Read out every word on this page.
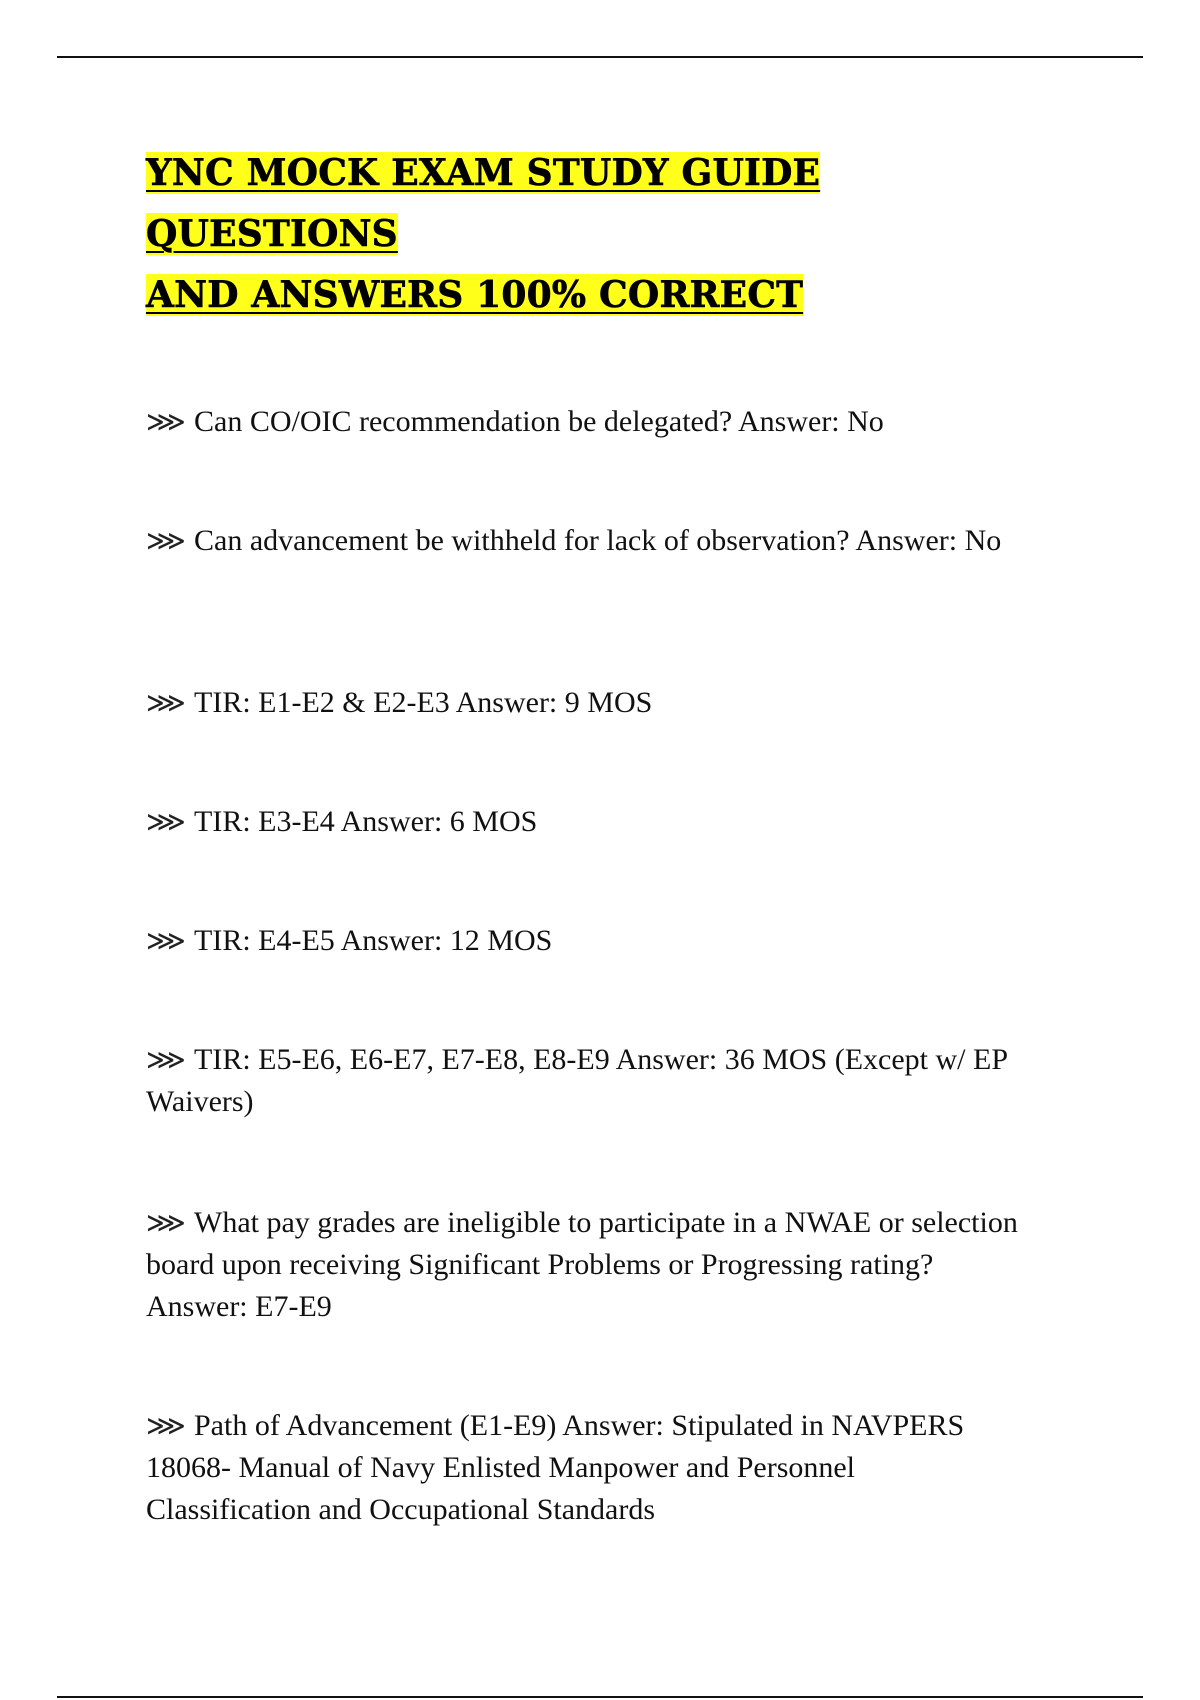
YNC MOCK EXAM STUDY GUIDE QUESTIONS
AND ANSWERS 100% CORRECT

⋙ Can CO/OIC recommendation be delegated? Answer: No

⋙ Can advancement be withheld for lack of observation? Answer: No

⋙ TIR: E1-E2 & E2-E3 Answer: 9 MOS

⋙ TIR: E3-E4 Answer: 6 MOS

⋙ TIR: E4-E5 Answer: 12 MOS

⋙ TIR: E5-E6, E6-E7, E7-E8, E8-E9 Answer: 36 MOS (Except w/ EP Waivers)

⋙ What pay grades are ineligible to participate in a NWAE or selection board upon receiving Significant Problems or Progressing rating? Answer: E7-E9

⋙ Path of Advancement (E1-E9) Answer: Stipulated in NAVPERS 18068- Manual of Navy Enlisted Manpower and Personnel Classification and Occupational Standards
